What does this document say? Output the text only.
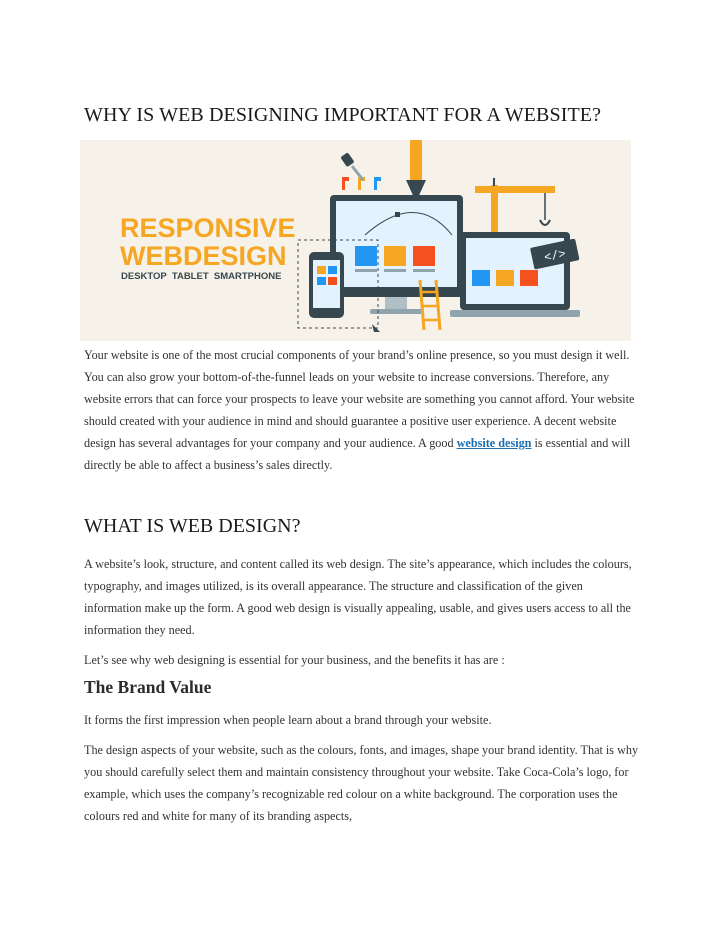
WHY IS WEB DESIGNING IMPORTANT FOR A WEBSITE?
RESPONSIVE
WEBDESIGN
DESKTOP  TABLET  SMARTPHONE
</>

Your website is one of the most crucial components of your brand’s online presence, so you must design it well. You can also grow your bottom-of-the-funnel leads on your website to increase conversions. Therefore, any website errors that can force your prospects to leave your website are something you cannot afford. Your website should created with your audience in mind and should guarantee a positive user experience. A decent website design has several advantages for your company and your audience. A good website design is essential and will directly be able to affect a business’s sales directly.

WHAT IS WEB DESIGN?

A website’s look, structure, and content called its web design. The site’s appearance, which includes the colours, typography, and images utilized, is its overall appearance. The structure and classification of the given information make up the form. A good web design is visually appealing, usable, and gives users access to all the information they need.

Let’s see why web designing is essential for your business, and the benefits it has are :

The Brand Value

It forms the first impression when people learn about a brand through your website.

The design aspects of your website, such as the colours, fonts, and images, shape your brand identity. That is why you should carefully select them and maintain consistency throughout your website. Take Coca-Cola’s logo, for example, which uses the company’s recognizable red colour on a white background. The corporation uses the colours red and white for many of its branding aspects,
